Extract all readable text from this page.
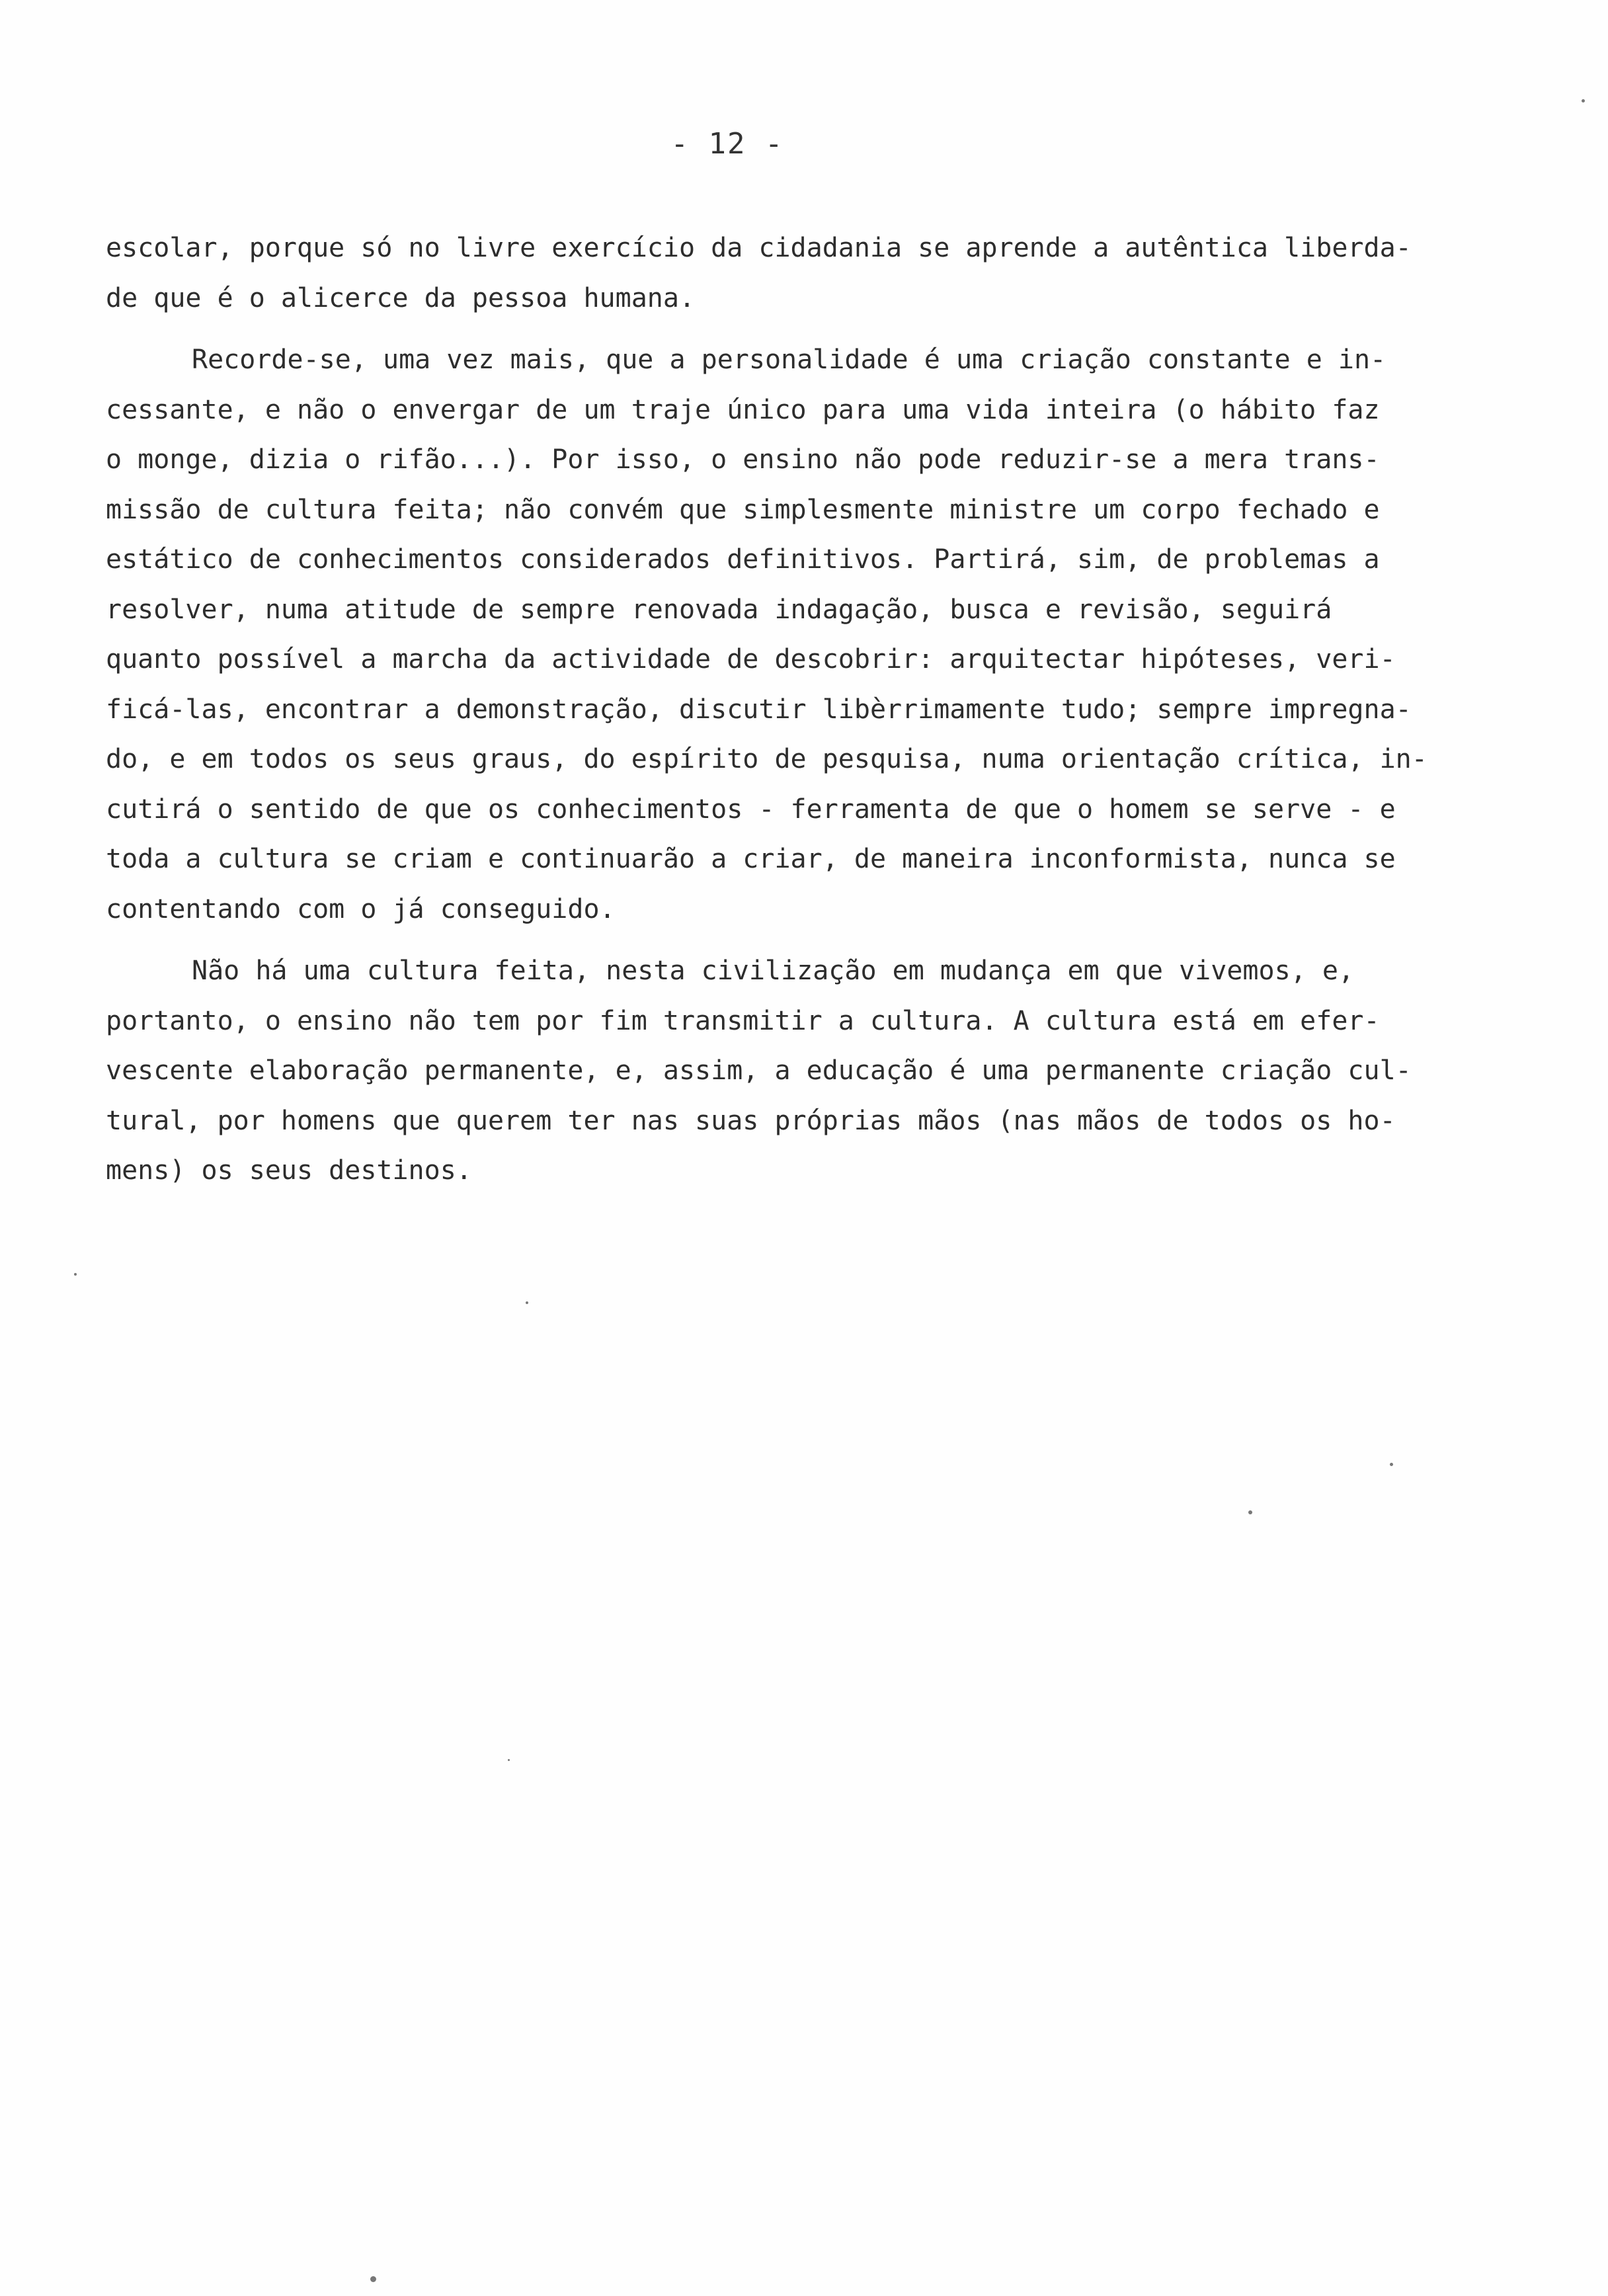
- 12 -
escolar, porque só no livre exercício da cidadania se aprende a autêntica liberda-
de que é o alicerce da pessoa humana.
Recorde-se, uma vez mais, que a personalidade é uma criação constante e in-
cessante, e não o envergar de um traje único para uma vida inteira (o hábito faz
o monge, dizia o rifão...). Por isso, o ensino não pode reduzir-se a mera trans-
missão de cultura feita; não convém que simplesmente ministre um corpo fechado e
estático de conhecimentos considerados definitivos. Partirá, sim, de problemas a
resolver, numa atitude de sempre renovada indagação, busca e revisão, seguirá
quanto possível a marcha da actividade de descobrir: arquitectar hipóteses, veri-
ficá-las, encontrar a demonstração, discutir libèrrimamente tudo; sempre impregna-
do, e em todos os seus graus, do espírito de pesquisa, numa orientação crítica, in-
cutirá o sentido de que os conhecimentos - ferramenta de que o homem se serve - e
toda a cultura se criam e continuarão a criar, de maneira inconformista, nunca se
contentando com o já conseguido.
Não há uma cultura feita, nesta civilização em mudança em que vivemos, e,
portanto, o ensino não tem por fim transmitir a cultura. A cultura está em efer-
vescente elaboração permanente, e, assim, a educação é uma permanente criação cul-
tural, por homens que querem ter nas suas próprias mãos (nas mãos de todos os ho-
mens) os seus destinos.
